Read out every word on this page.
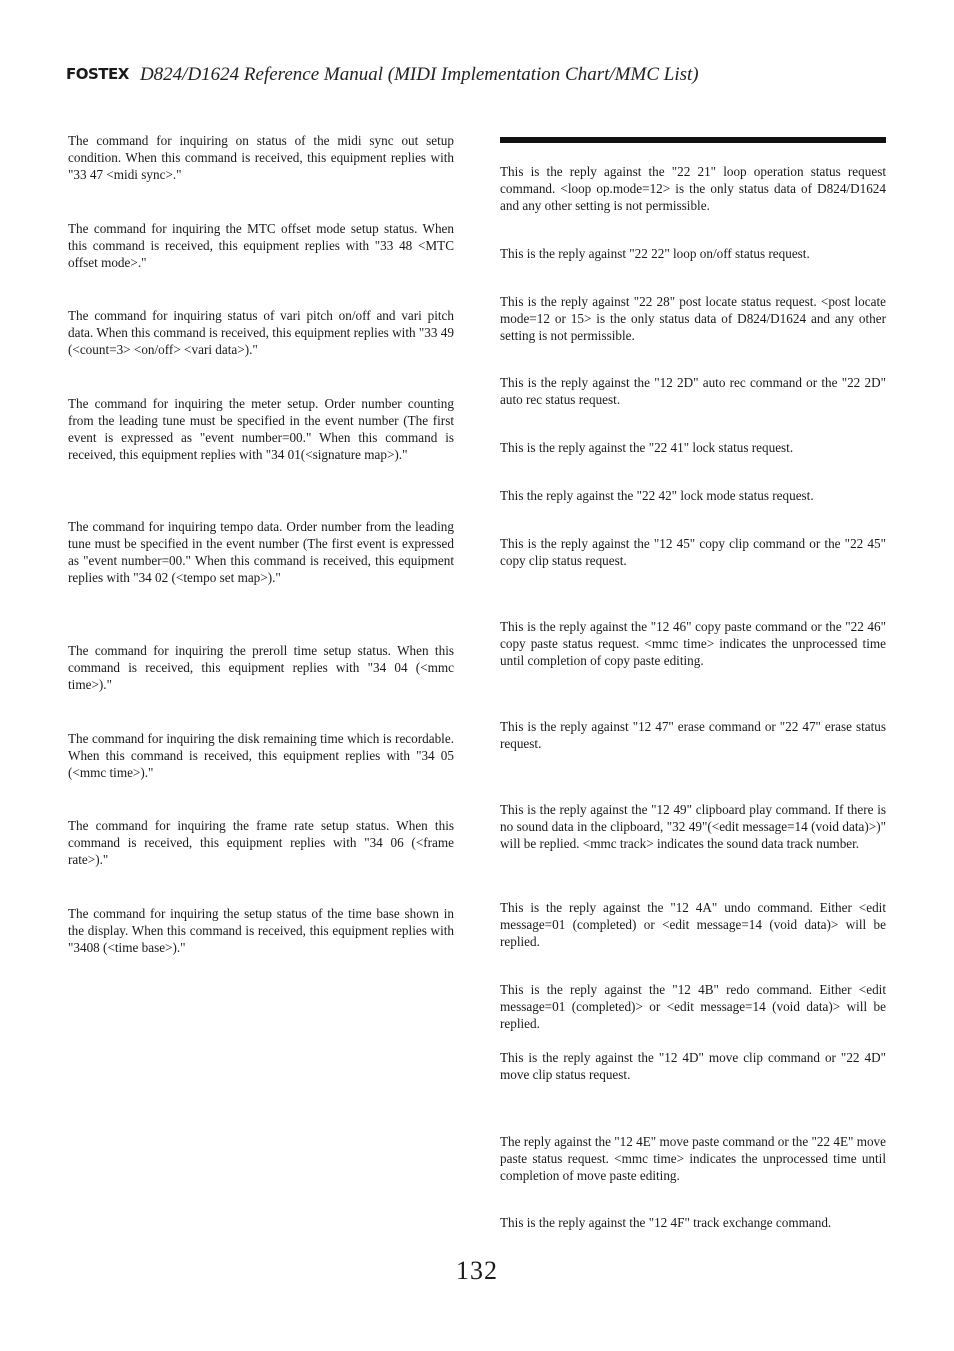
FOSTEX D824/D1624 Reference Manual (MIDI Implementation Chart/MMC List)

The command for inquiring on status of the midi sync out setup condition. When this command is received, this equipment replies with "33 47 <midi sync>."

The command for inquiring the MTC offset mode setup status. When this command is received, this equipment replies with "33 48 <MTC offset mode>."

The command for inquiring status of vari pitch on/off and vari pitch data. When this command is received, this equipment replies with "33 49 (<count=3> <on/off> <vari data>)."

The command for inquiring the meter setup. Order number counting from the leading tune must be specified in the event number (The first event is expressed as "event number=00." When this command is received, this equipment replies with "34 01(<signature map>)."

The command for inquiring tempo data. Order number from the leading tune must be specified in the event number (The first event is expressed as "event number=00." When this command is received, this equipment replies with "34 02 (<tempo set map>)."

The command for inquiring the preroll time setup status. When this command is received, this equipment replies with "34 04 (<mmc time>)."

The command for inquiring the disk remaining time which is recordable. When this command is received, this equipment replies with "34 05 (<mmc time>)."

The command for inquiring the frame rate setup status. When this command is received, this equipment replies with "34 06 (<frame rate>)."

The command for inquiring the setup status of the time base shown in the display. When this command is received, this equipment replies with "3408 (<time base>)."

This is the reply against the "22 21" loop operation status request command. <loop op.mode=12> is the only status data of D824/D1624 and any other setting is not permissible.

This is the reply against "22 22" loop on/off status request.

This is the reply against "22 28" post locate status request. <post locate mode=12 or 15> is the only status data of D824/D1624 and any other setting is not permissible.

This is the reply against the "12 2D" auto rec command or the "22 2D" auto rec status request.

This is the reply against the "22 41" lock status request.

This the reply against the "22 42" lock mode status request.

This is the reply against the "12 45" copy clip command or the "22 45" copy clip status request.

This is the reply against the "12 46" copy paste command or the "22 46" copy paste status request. <mmc time> indicates the unprocessed time until completion of copy paste editing.

This is the reply against "12 47" erase command or "22 47" erase status request.

This is the reply against the "12 49" clipboard play command. If there is no sound data in the clipboard, "32 49"(<edit message=14 (void data)>)" will be replied. <mmc track> indicates the sound data track number.

This is the reply against the "12 4A" undo command. Either <edit message=01 (completed) or <edit message=14 (void data)> will be replied.

This is the reply against the "12 4B" redo command. Either <edit message=01 (completed)> or <edit message=14 (void data)> will be replied.

This is the reply against the "12 4D" move clip command or "22 4D" move clip status request.

The reply against the "12 4E" move paste command or the "22 4E" move paste status request. <mmc time> indicates the unprocessed time until completion of move paste editing.

This is the reply against the "12 4F" track exchange command.

132
